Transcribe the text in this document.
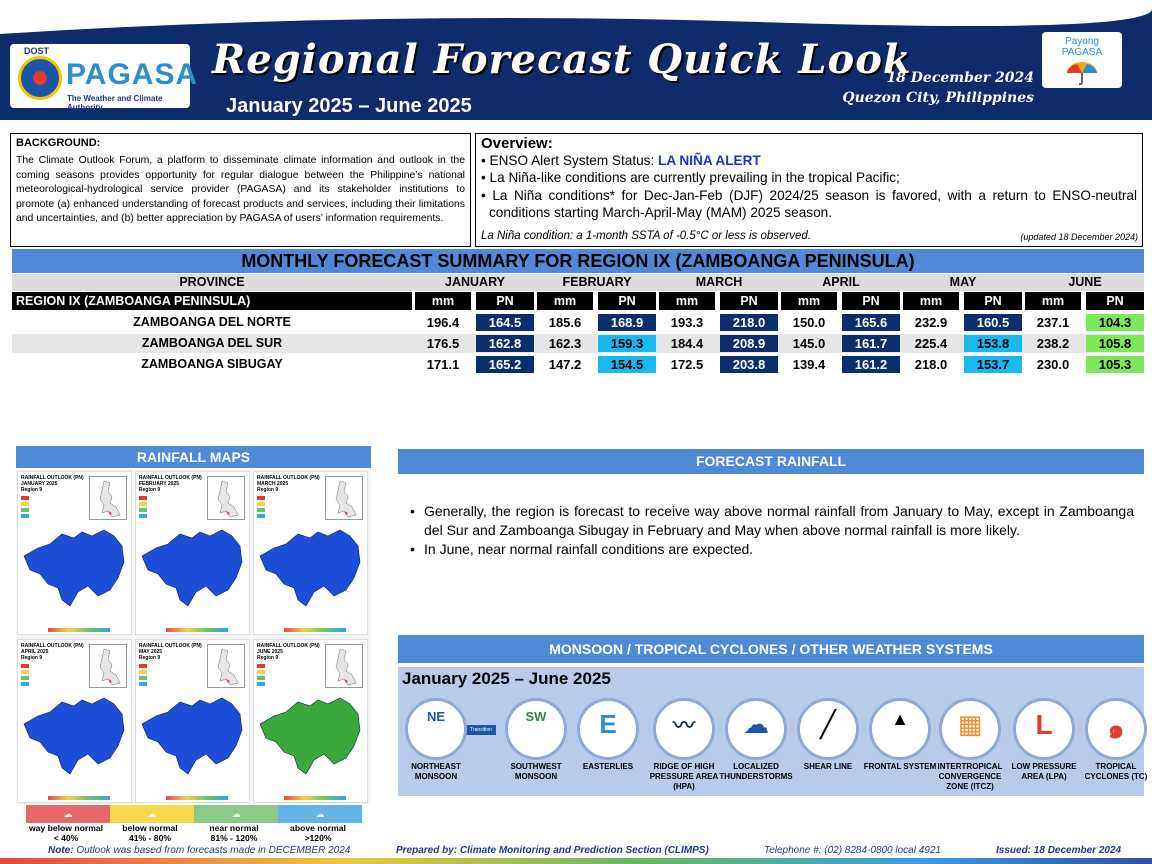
DOST
PAGASA
The Weather and Climate Authority
Regional Forecast Quick Look
January 2025 – June 2025
18 December 2024
Quezon City, Philippines
Payong
PAGASA
BACKGROUND:
The Climate Outlook Forum, a platform to disseminate climate information and outlook in the coming seasons provides opportunity for regular dialogue between the Philippine’s national meteorological-hydrological service provider (PAGASA) and its stakeholder institutions to promote (a) enhanced understanding of forecast products and services, including their limitations and uncertainties, and (b) better appreciation by PAGASA of users’ information requirements.
Overview:
• ENSO Alert System Status: LA NIÑA ALERT
• La Niña-like conditions are currently prevailing in the tropical Pacific;
• La Niña conditions* for Dec-Jan-Feb (DJF) 2024/25 season is favored, with a return to ENSO-neutral conditions starting March-April-May (MAM) 2025 season.
La Niña condition: a 1-month SSTA of -0.5°C or less is observed.	(updated 18 December 2024)
MONTHLY FORECAST SUMMARY FOR REGION IX (ZAMBOANGA PENINSULA)
PROVINCE	JANUARY	FEBRUARY	MARCH	APRIL	MAY	JUNE
REGION IX (ZAMBOANGA PENINSULA)	mm	PN	mm	PN	mm	PN	mm	PN	mm	PN	mm	PN
ZAMBOANGA DEL NORTE	196.4	164.5	185.6	168.9	193.3	218.0	150.0	165.6	232.9	160.5	237.1	104.3
ZAMBOANGA DEL SUR	176.5	162.8	162.3	159.3	184.4	208.9	145.0	161.7	225.4	153.8	238.2	105.8
ZAMBOANGA SIBUGAY	171.1	165.2	147.2	154.5	172.5	203.8	139.4	161.2	218.0	153.7	230.0	105.3
RAINFALL MAPS
RAINFALL OUTLOOK (PN)
JANUARY 2025
Region 9
RAINFALL OUTLOOK (PN)
FEBRUARY 2025
Region 9
RAINFALL OUTLOOK (PN)
MARCH 2025
Region 9
RAINFALL OUTLOOK (PN)
APRIL 2025
Region 9
RAINFALL OUTLOOK (PN)
MAY 2025
Region 9
RAINFALL OUTLOOK (PN)
JUNE 2025
Region 9
☁	☁	☁	☁
way below normal
< 40%
below normal
41% - 80%
near normal
81% - 120%
above normal
>120%
FORECAST RAINFALL
• Generally, the region is forecast to receive way above normal rainfall from January to May, except in Zamboanga del Sur and Zamboanga Sibugay in February and May when above normal rainfall is more likely.
• In June, near normal rainfall conditions are expected.
MONSOON / TROPICAL CYCLONES / OTHER WEATHER SYSTEMS
January 2025 – June 2025
Transition
NE
NORTHEAST MONSOON
SW
SOUTHWEST MONSOON
E
EASTERLIES
〰
RIDGE OF HIGH PRESSURE AREA (HPA)
☁
LOCALIZED THUNDERSTORMS
╱
SHEAR LINE
▲
FRONTAL SYSTEM
▦
INTERTROPICAL CONVERGENCE ZONE (ITCZ)
L
LOW PRESSURE AREA (LPA)
๑
TROPICAL CYCLONES (TC)
Note: Outlook was based from forecasts made in DECEMBER 2024	Prepared by: Climate Monitoring and Prediction Section (CLIMPS)	Telephone #: (02) 8284-0800 local 4921	Issued: 18 December 2024
